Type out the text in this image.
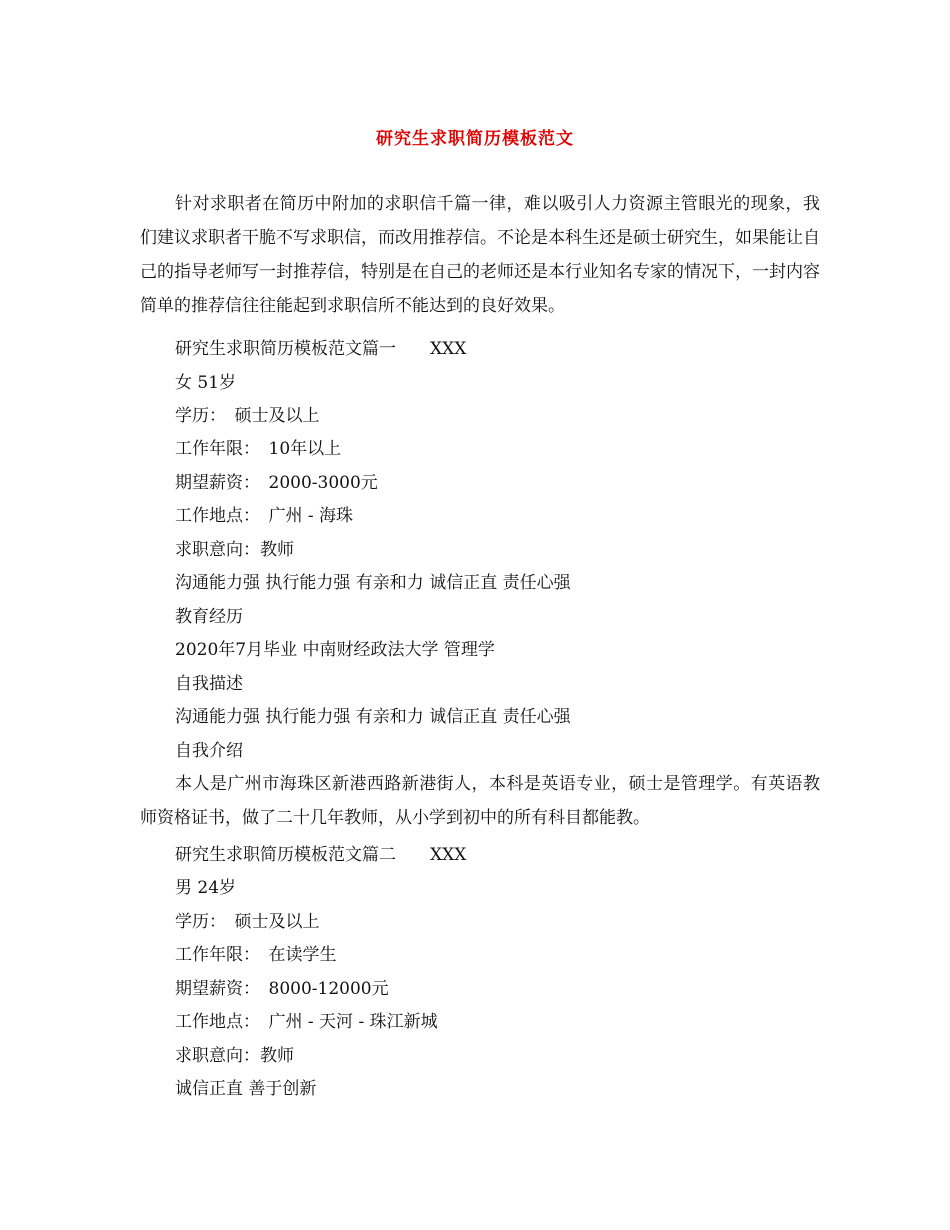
研究生求职简历模板范文

针对求职者在简历中附加的求职信千篇一律，难以吸引人力资源主管眼光的现象，我们建议求职者干脆不写求职信，而改用推荐信。不论是本科生还是硕士研究生，如果能让自己的指导老师写一封推荐信，特别是在自己的老师还是本行业知名专家的情况下，一封内容简单的推荐信往往能起到求职信所不能达到的良好效果。

研究生求职简历模板范文篇一　　XXX
女 51岁
学历：　硕士及以上
工作年限：　10年以上
期望薪资：　2000-3000元
工作地点：　广州 - 海珠
求职意向：教师
沟通能力强 执行能力强 有亲和力 诚信正直 责任心强
教育经历
2020年7月毕业 中南财经政法大学 管理学
自我描述
沟通能力强 执行能力强 有亲和力 诚信正直 责任心强
自我介绍

本人是广州市海珠区新港西路新港街人，本科是英语专业，硕士是管理学。有英语教师资格证书，做了二十几年教师，从小学到初中的所有科目都能教。

研究生求职简历模板范文篇二　　XXX
男 24岁
学历：　硕士及以上
工作年限：　在读学生
期望薪资：　8000-12000元
工作地点：　广州 - 天河 - 珠江新城
求职意向：教师
诚信正直 善于创新
